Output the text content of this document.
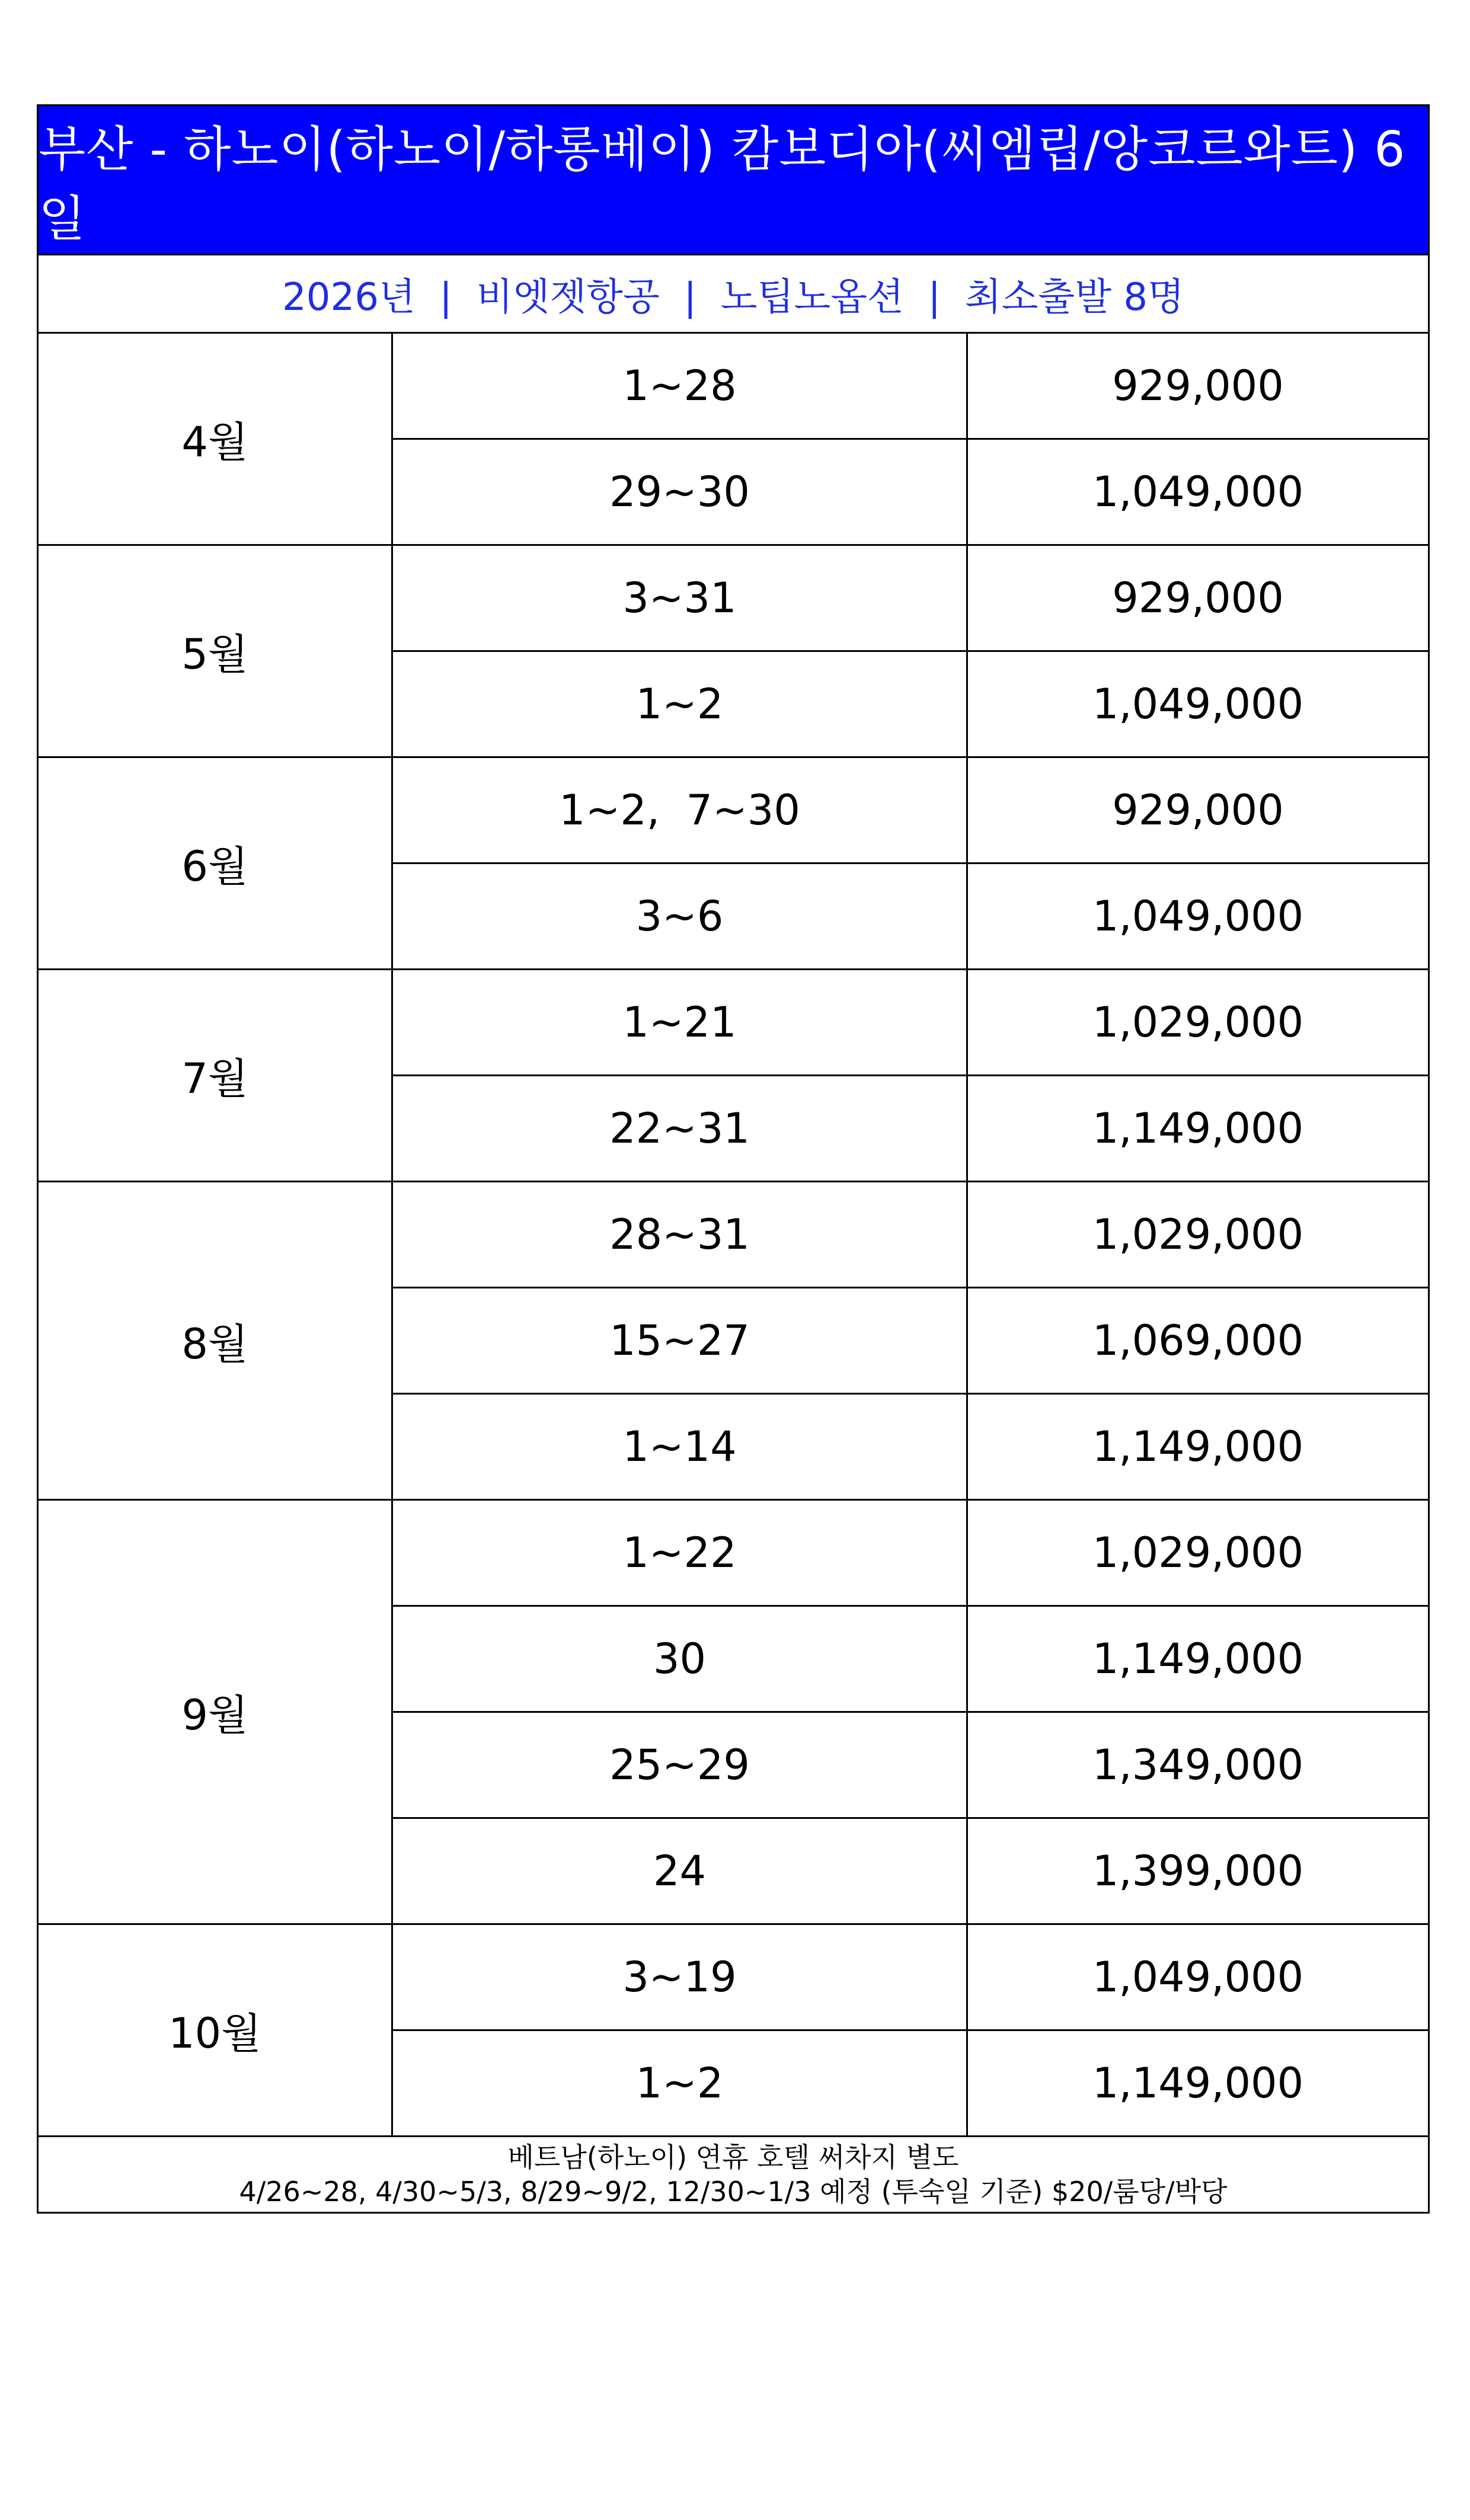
부산 - 하노이(하노이/하롱베이) 캄보디아(씨엠립/앙코르와트) 6일
2026년  |  비엣젯항공  |  노팁노옵션  |  최소출발 8명
4월
1~28	929,000
29~30	1,049,000
5월
3~31	929,000
1~2	1,049,000
6월
1~2,  7~30	929,000
3~6	1,049,000
7월
1~21	1,029,000
22~31	1,149,000
8월
28~31	1,029,000
15~27	1,069,000
1~14	1,149,000
9월
1~22	1,029,000
30	1,149,000
25~29	1,349,000
24	1,399,000
10월
3~19	1,049,000
1~2	1,149,000
베트남(하노이) 연휴 호텔 써차지 별도
4/26~28, 4/30~5/3, 8/29~9/2, 12/30~1/3 예정 (투숙일 기준) $20/룸당/박당
